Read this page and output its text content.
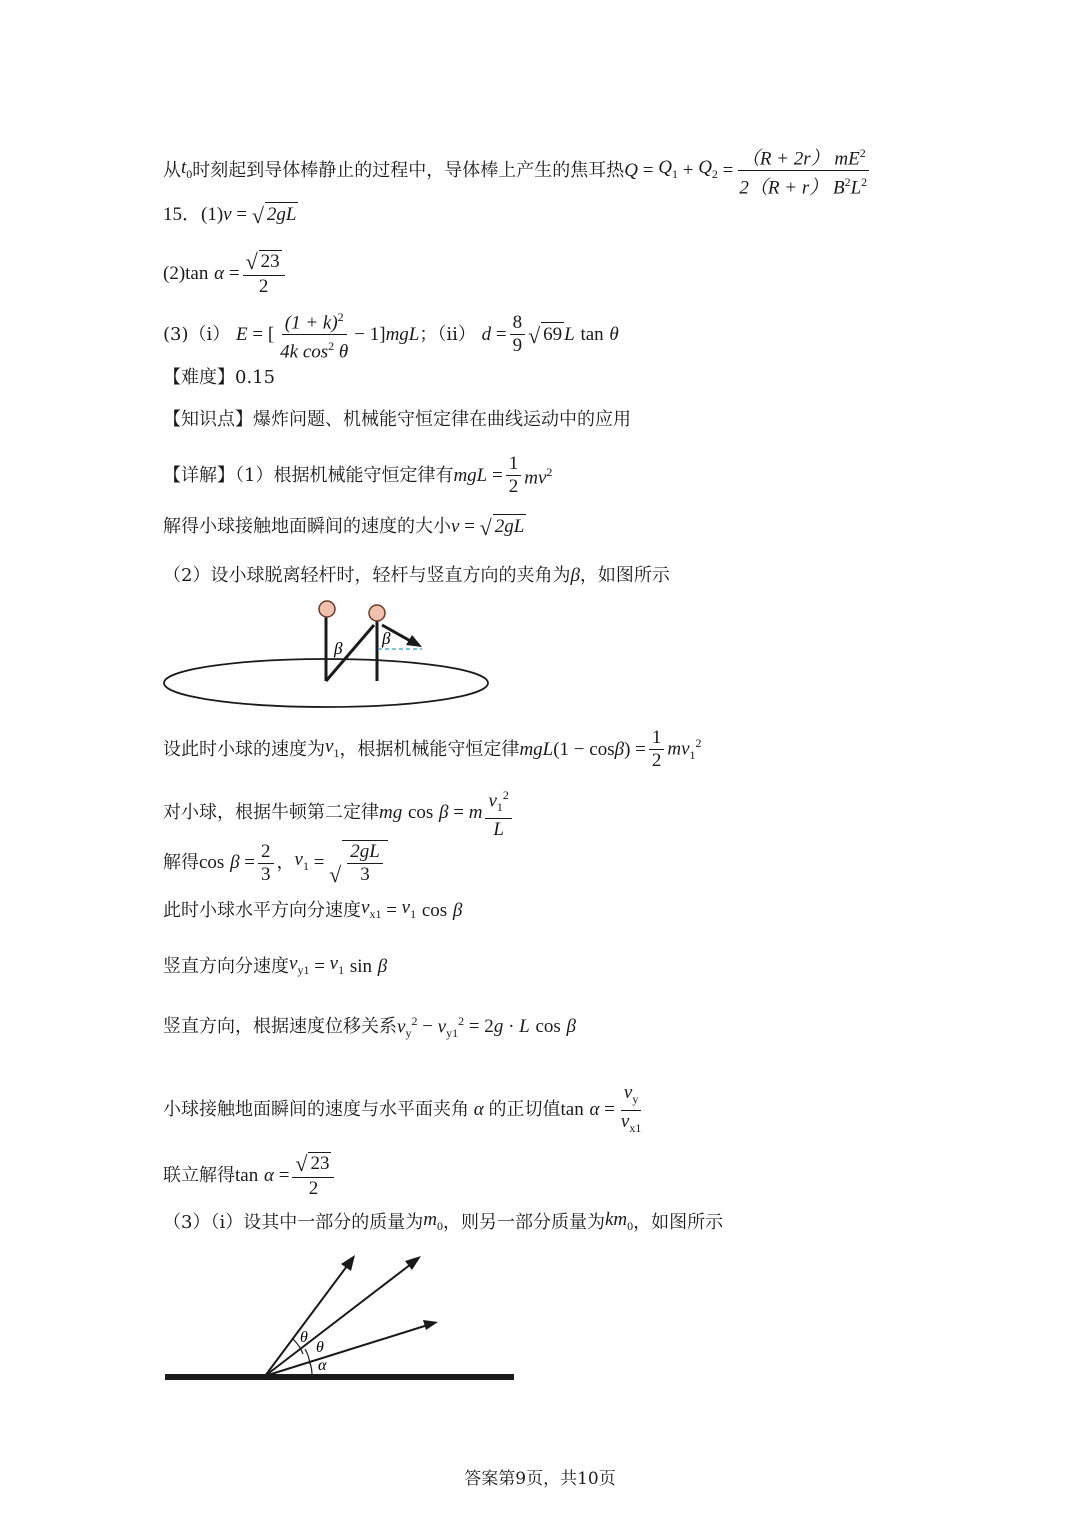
从 $t_0$ 时刻起到导体棒静止的过程中，导体棒上产生的焦耳热 $Q = Q_1 + Q_2 = \frac{(R + 2r) mE^2}{2(R + r) B^2L^2}$
15．(1) v = √ 2gL
(2) tan
$\alpha = \frac{√ 23}{2}$
(3)（i）
E = [ $\frac{(1 + k)^2}{4k \cos^2 \theta} - 1$] mgL ；（ii）
$d = \frac{8}{9}$ √ 69 L
tan
θ
【难度】0.15
【知识点】爆炸问题、机械能守恒定律在曲线运动中的应用
【详解】（1）根据机械能守恒定律有 mgL = $\frac{1}{2} mv^2$
解得小球接触地面瞬间的速度的大小 v = √ 2gL
（2）设小球脱离轻杆时，轻杆与竖直方向的夹角为 β ，如图所示
β
β
设此时小球的速度为 $v_1$ ，根据机械能守恒定律 mgL (1 − cos β ) = $\frac{1}{2} mv_1^2$
对小球，根据牛顿第二定律 mg
cos
β = m $\frac{v_1^2}{L}$
解得 cos
$\beta = \frac{2}{3}$ ， $v_1$ = √ $\frac{2gL}{3}$
此时小球水平方向分速度 $v_{x1} = v_1$
cos
β
竖直方向分速度 $v_{y1} = v_1$
sin
β
竖直方向，根据速度位移关系 $v_y^2 - v_{y1}^2 = 2$ g · L
cos
β
小球接触地面瞬间的速度与水平面夹角 α 的正切值 tan
$\alpha = \frac{v_y}{v_{x1}}$
联立解得 tan
$\alpha = \frac{√ 23}{2}$
（3）（i）设其中一部分的质量为 $m_0$ ，则另一部分质量为 $km_0$ ，如图所示
θ
θ
α
答案第9页，共10页
